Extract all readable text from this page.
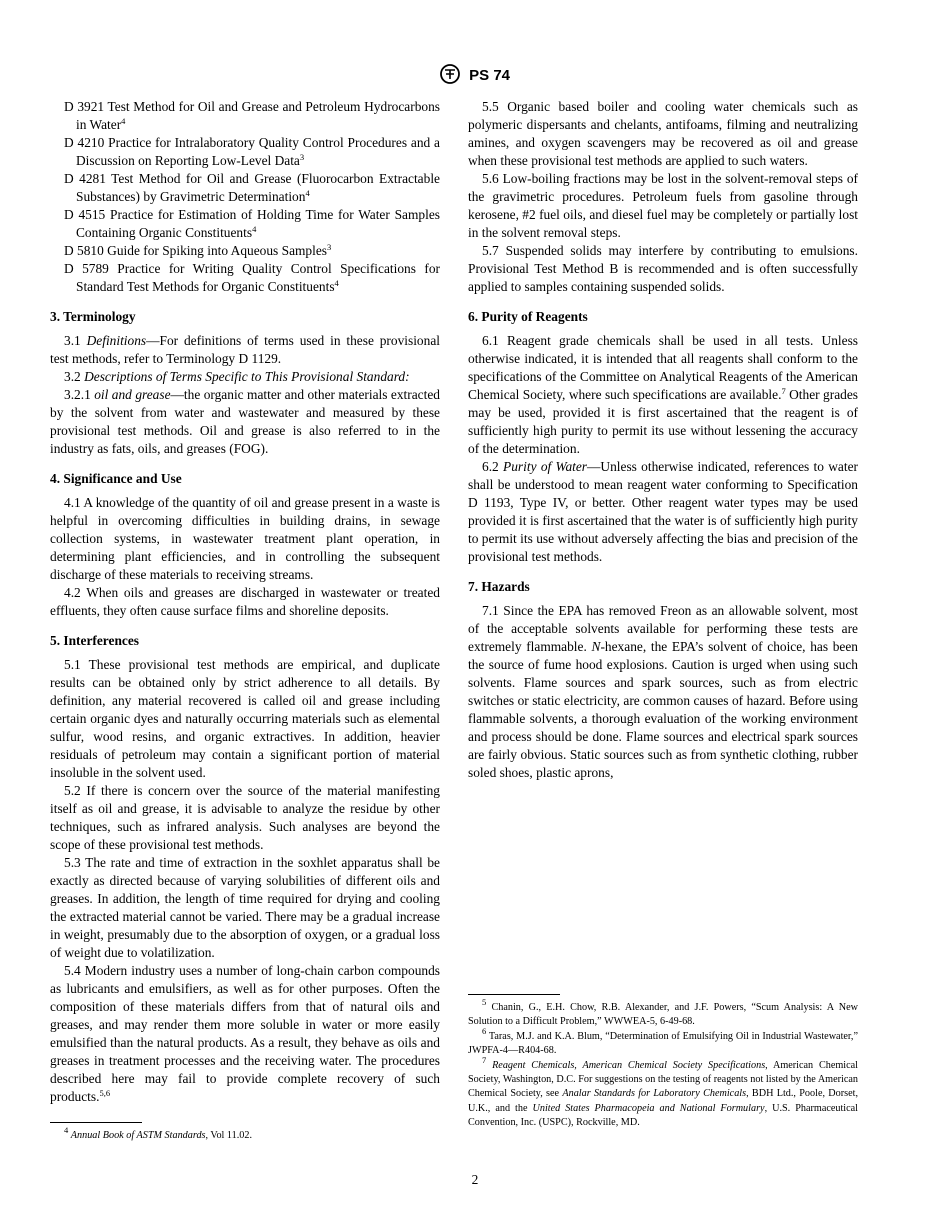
PS 74

D 3921 Test Method for Oil and Grease and Petroleum Hydrocarbons in Water$^4$

D 4210 Practice for Intralaboratory Quality Control Procedures and a Discussion on Reporting Low-Level Data$^3$

D 4281 Test Method for Oil and Grease (Fluorocarbon Extractable Substances) by Gravimetric Determination$^4$

D 4515 Practice for Estimation of Holding Time for Water Samples Containing Organic Constituents$^4$

D 5810 Guide for Spiking into Aqueous Samples$^3$

D 5789 Practice for Writing Quality Control Specifications for Standard Test Methods for Organic Constituents$^4$

3. Terminology

3.1 Definitions—For definitions of terms used in these provisional test methods, refer to Terminology D 1129.

3.2 Descriptions of Terms Specific to This Provisional Standard:

3.2.1 oil and grease—the organic matter and other materials extracted by the solvent from water and wastewater and measured by these provisional test methods. Oil and grease is also referred to in the industry as fats, oils, and greases (FOG).

4. Significance and Use

4.1 A knowledge of the quantity of oil and grease present in a waste is helpful in overcoming difficulties in building drains, in sewage collection systems, in wastewater treatment plant operation, in determining plant efficiencies, and in controlling the subsequent discharge of these materials to receiving streams.

4.2 When oils and greases are discharged in wastewater or treated effluents, they often cause surface films and shoreline deposits.

5. Interferences

5.1 These provisional test methods are empirical, and duplicate results can be obtained only by strict adherence to all details. By definition, any material recovered is called oil and grease including certain organic dyes and naturally occurring materials such as elemental sulfur, wood resins, and organic extractives. In addition, heavier residuals of petroleum may contain a significant portion of material insoluble in the solvent used.

5.2 If there is concern over the source of the material manifesting itself as oil and grease, it is advisable to analyze the residue by other techniques, such as infrared analysis. Such analyses are beyond the scope of these provisional test methods.

5.3 The rate and time of extraction in the soxhlet apparatus shall be exactly as directed because of varying solubilities of different oils and greases. In addition, the length of time required for drying and cooling the extracted material cannot be varied. There may be a gradual increase in weight, presumably due to the absorption of oxygen, or a gradual loss of weight due to volatilization.

5.4 Modern industry uses a number of long-chain carbon compounds as lubricants and emulsifiers, as well as for other purposes. Often the composition of these materials differs from that of natural oils and greases, and may render them more soluble in water or more easily emulsified than the natural products. As a result, they behave as oils and greases in treatment processes and the receiving water. The procedures described here may fail to provide complete recovery of such products.$^{5,6}$

5.5 Organic based boiler and cooling water chemicals such as polymeric dispersants and chelants, antifoams, filming and neutralizing amines, and oxygen scavengers may be recovered as oil and grease when these provisional test methods are applied to such waters.

5.6 Low-boiling fractions may be lost in the solvent-removal steps of the gravimetric procedures. Petroleum fuels from gasoline through kerosene, #2 fuel oils, and diesel fuel may be completely or partially lost in the solvent removal steps.

5.7 Suspended solids may interfere by contributing to emulsions. Provisional Test Method B is recommended and is often successfully applied to samples containing suspended solids.

6. Purity of Reagents

6.1 Reagent grade chemicals shall be used in all tests. Unless otherwise indicated, it is intended that all reagents shall conform to the specifications of the Committee on Analytical Reagents of the American Chemical Society, where such specifications are available.$^7$ Other grades may be used, provided it is first ascertained that the reagent is of sufficiently high purity to permit its use without lessening the accuracy of the determination.

6.2 Purity of Water—Unless otherwise indicated, references to water shall be understood to mean reagent water conforming to Specification D 1193, Type IV, or better. Other reagent water types may be used provided it is first ascertained that the water is of sufficiently high purity to permit its use without adversely affecting the bias and precision of the provisional test methods.

7. Hazards

7.1 Since the EPA has removed Freon as an allowable solvent, most of the acceptable solvents available for performing these tests are extremely flammable. N-hexane, the EPA’s solvent of choice, has been the source of fume hood explosions. Caution is urged when using such solvents. Flame sources and spark sources, such as from electric switches or static electricity, are common causes of hazard. Before using flammable solvents, a thorough evaluation of the working environment and process should be done. Flame sources and electrical spark sources are fairly obvious. Static sources such as from synthetic clothing, rubber soled shoes, plastic aprons,

$^4$ Annual Book of ASTM Standards, Vol 11.02.

$^5$ Chanin, G., E.H. Chow, R.B. Alexander, and J.F. Powers, “Scum Analysis: A New Solution to a Difficult Problem,” WWWEA-5, 6-49-68.

$^6$ Taras, M.J. and K.A. Blum, “Determination of Emulsifying Oil in Industrial Wastewater,” JWPFA-4—R404-68.

$^7$ Reagent Chemicals, American Chemical Society Specifications, American Chemical Society, Washington, D.C. For suggestions on the testing of reagents not listed by the American Chemical Society, see Analar Standards for Laboratory Chemicals, BDH Ltd., Poole, Dorset, U.K., and the United States Pharmacopeia and National Formulary, U.S. Pharmaceutical Convention, Inc. (USPC), Rockville, MD.

2
